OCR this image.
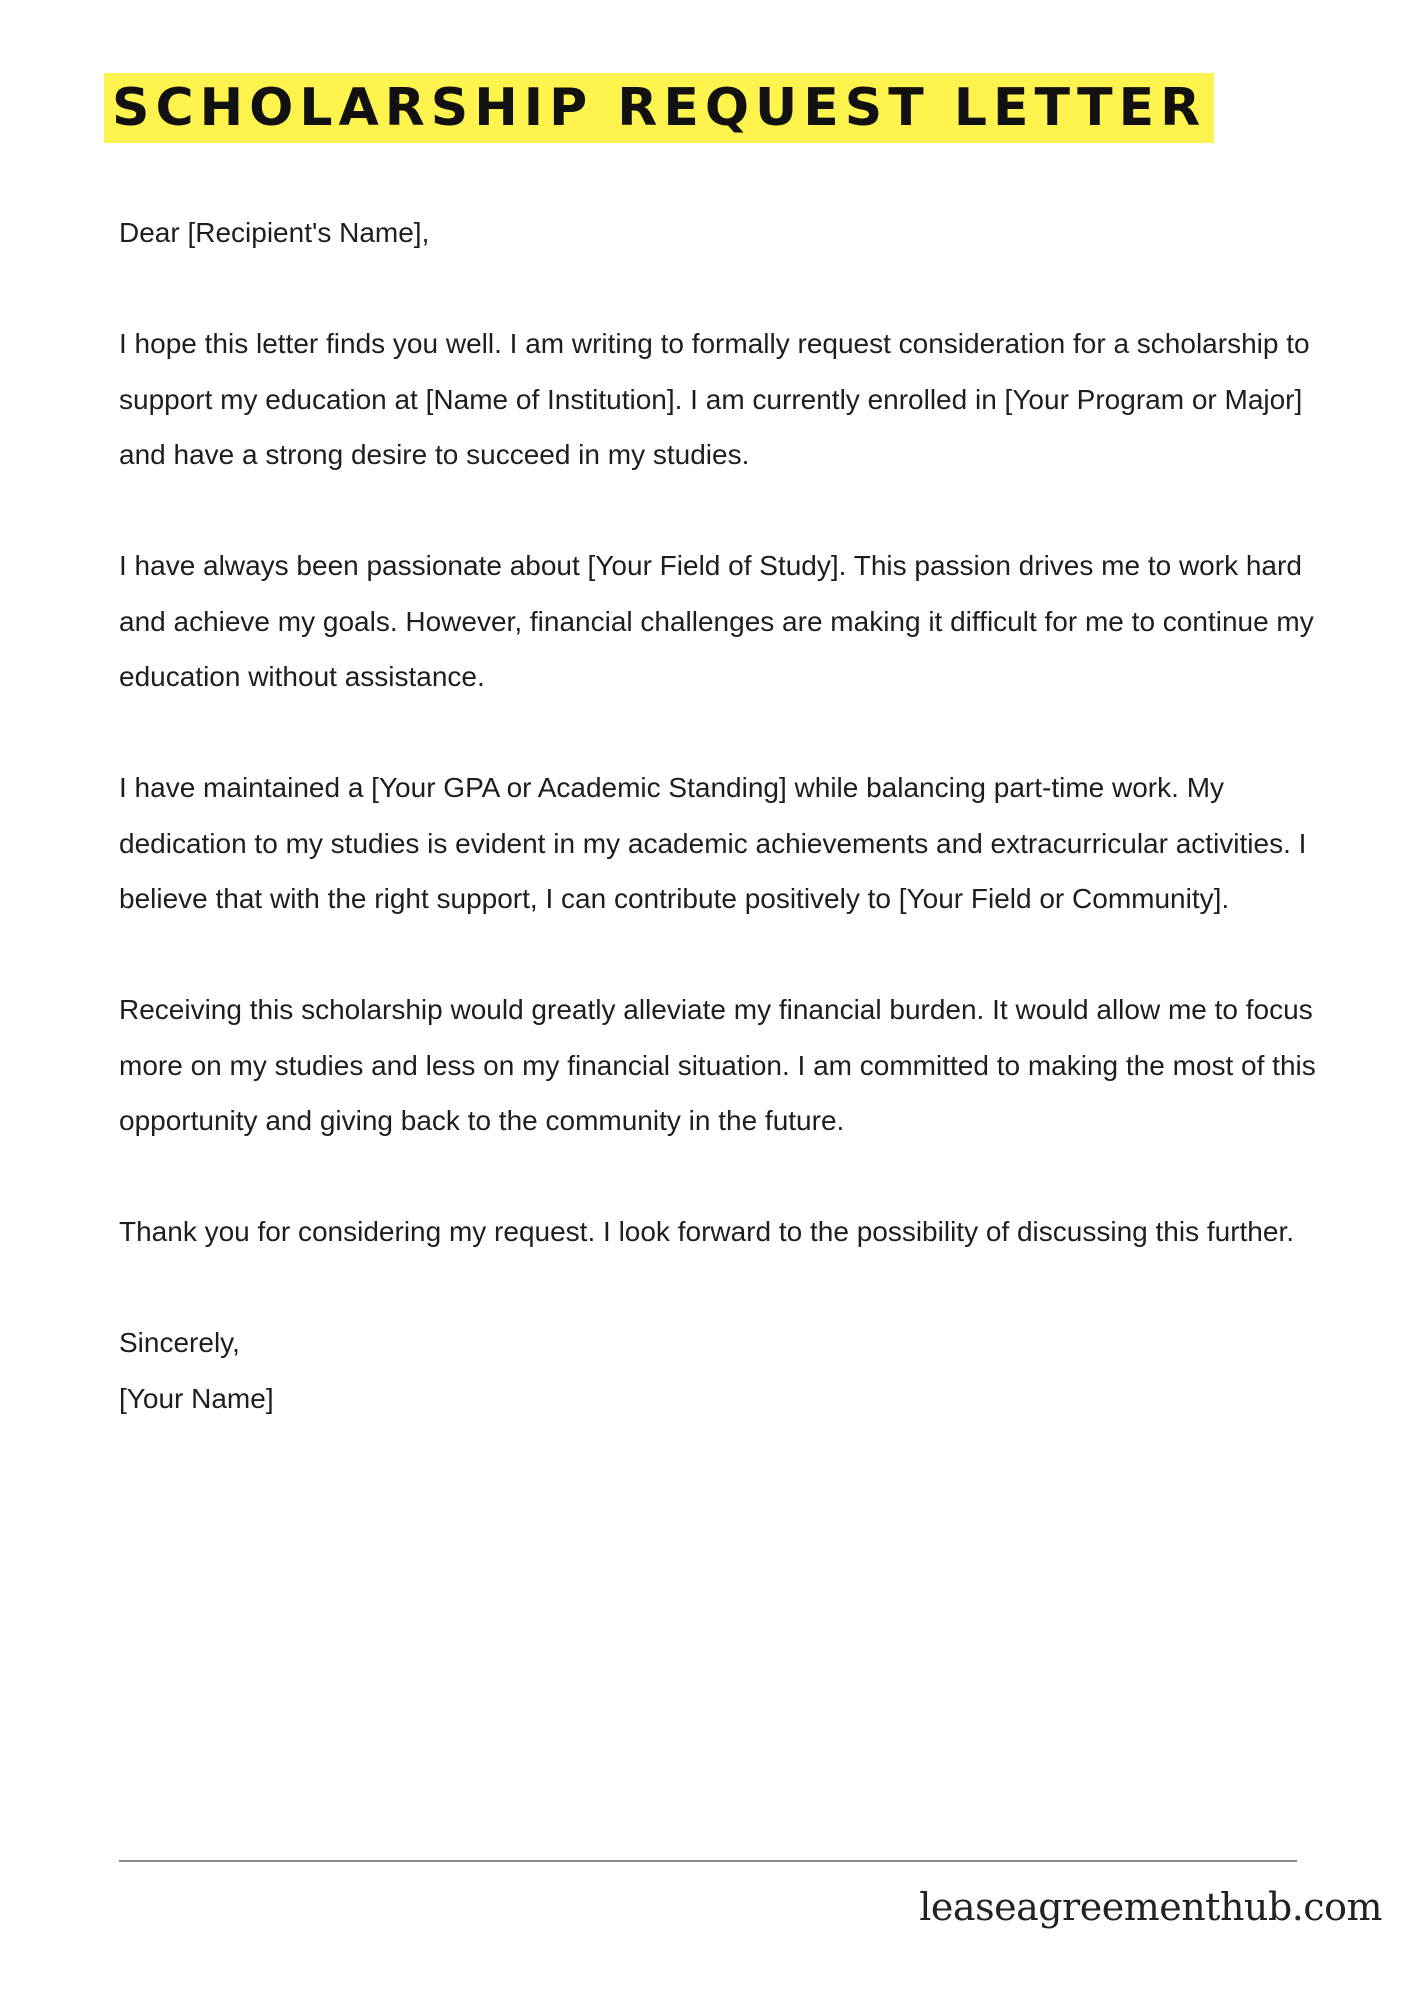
SCHOLARSHIP REQUEST LETTER

Dear [Recipient's Name],

I hope this letter finds you well. I am writing to formally request consideration for a scholarship to support my education at [Name of Institution]. I am currently enrolled in [Your Program or Major] and have a strong desire to succeed in my studies.

I have always been passionate about [Your Field of Study]. This passion drives me to work hard and achieve my goals. However, financial challenges are making it difficult for me to continue my education without assistance.

I have maintained a [Your GPA or Academic Standing] while balancing part-time work. My dedication to my studies is evident in my academic achievements and extracurricular activities. I believe that with the right support, I can contribute positively to [Your Field or Community].

Receiving this scholarship would greatly alleviate my financial burden. It would allow me to focus more on my studies and less on my financial situation. I am committed to making the most of this opportunity and giving back to the community in the future.

Thank you for considering my request. I look forward to the possibility of discussing this further.

Sincerely,

[Your Name]

leaseagreementhub.com
